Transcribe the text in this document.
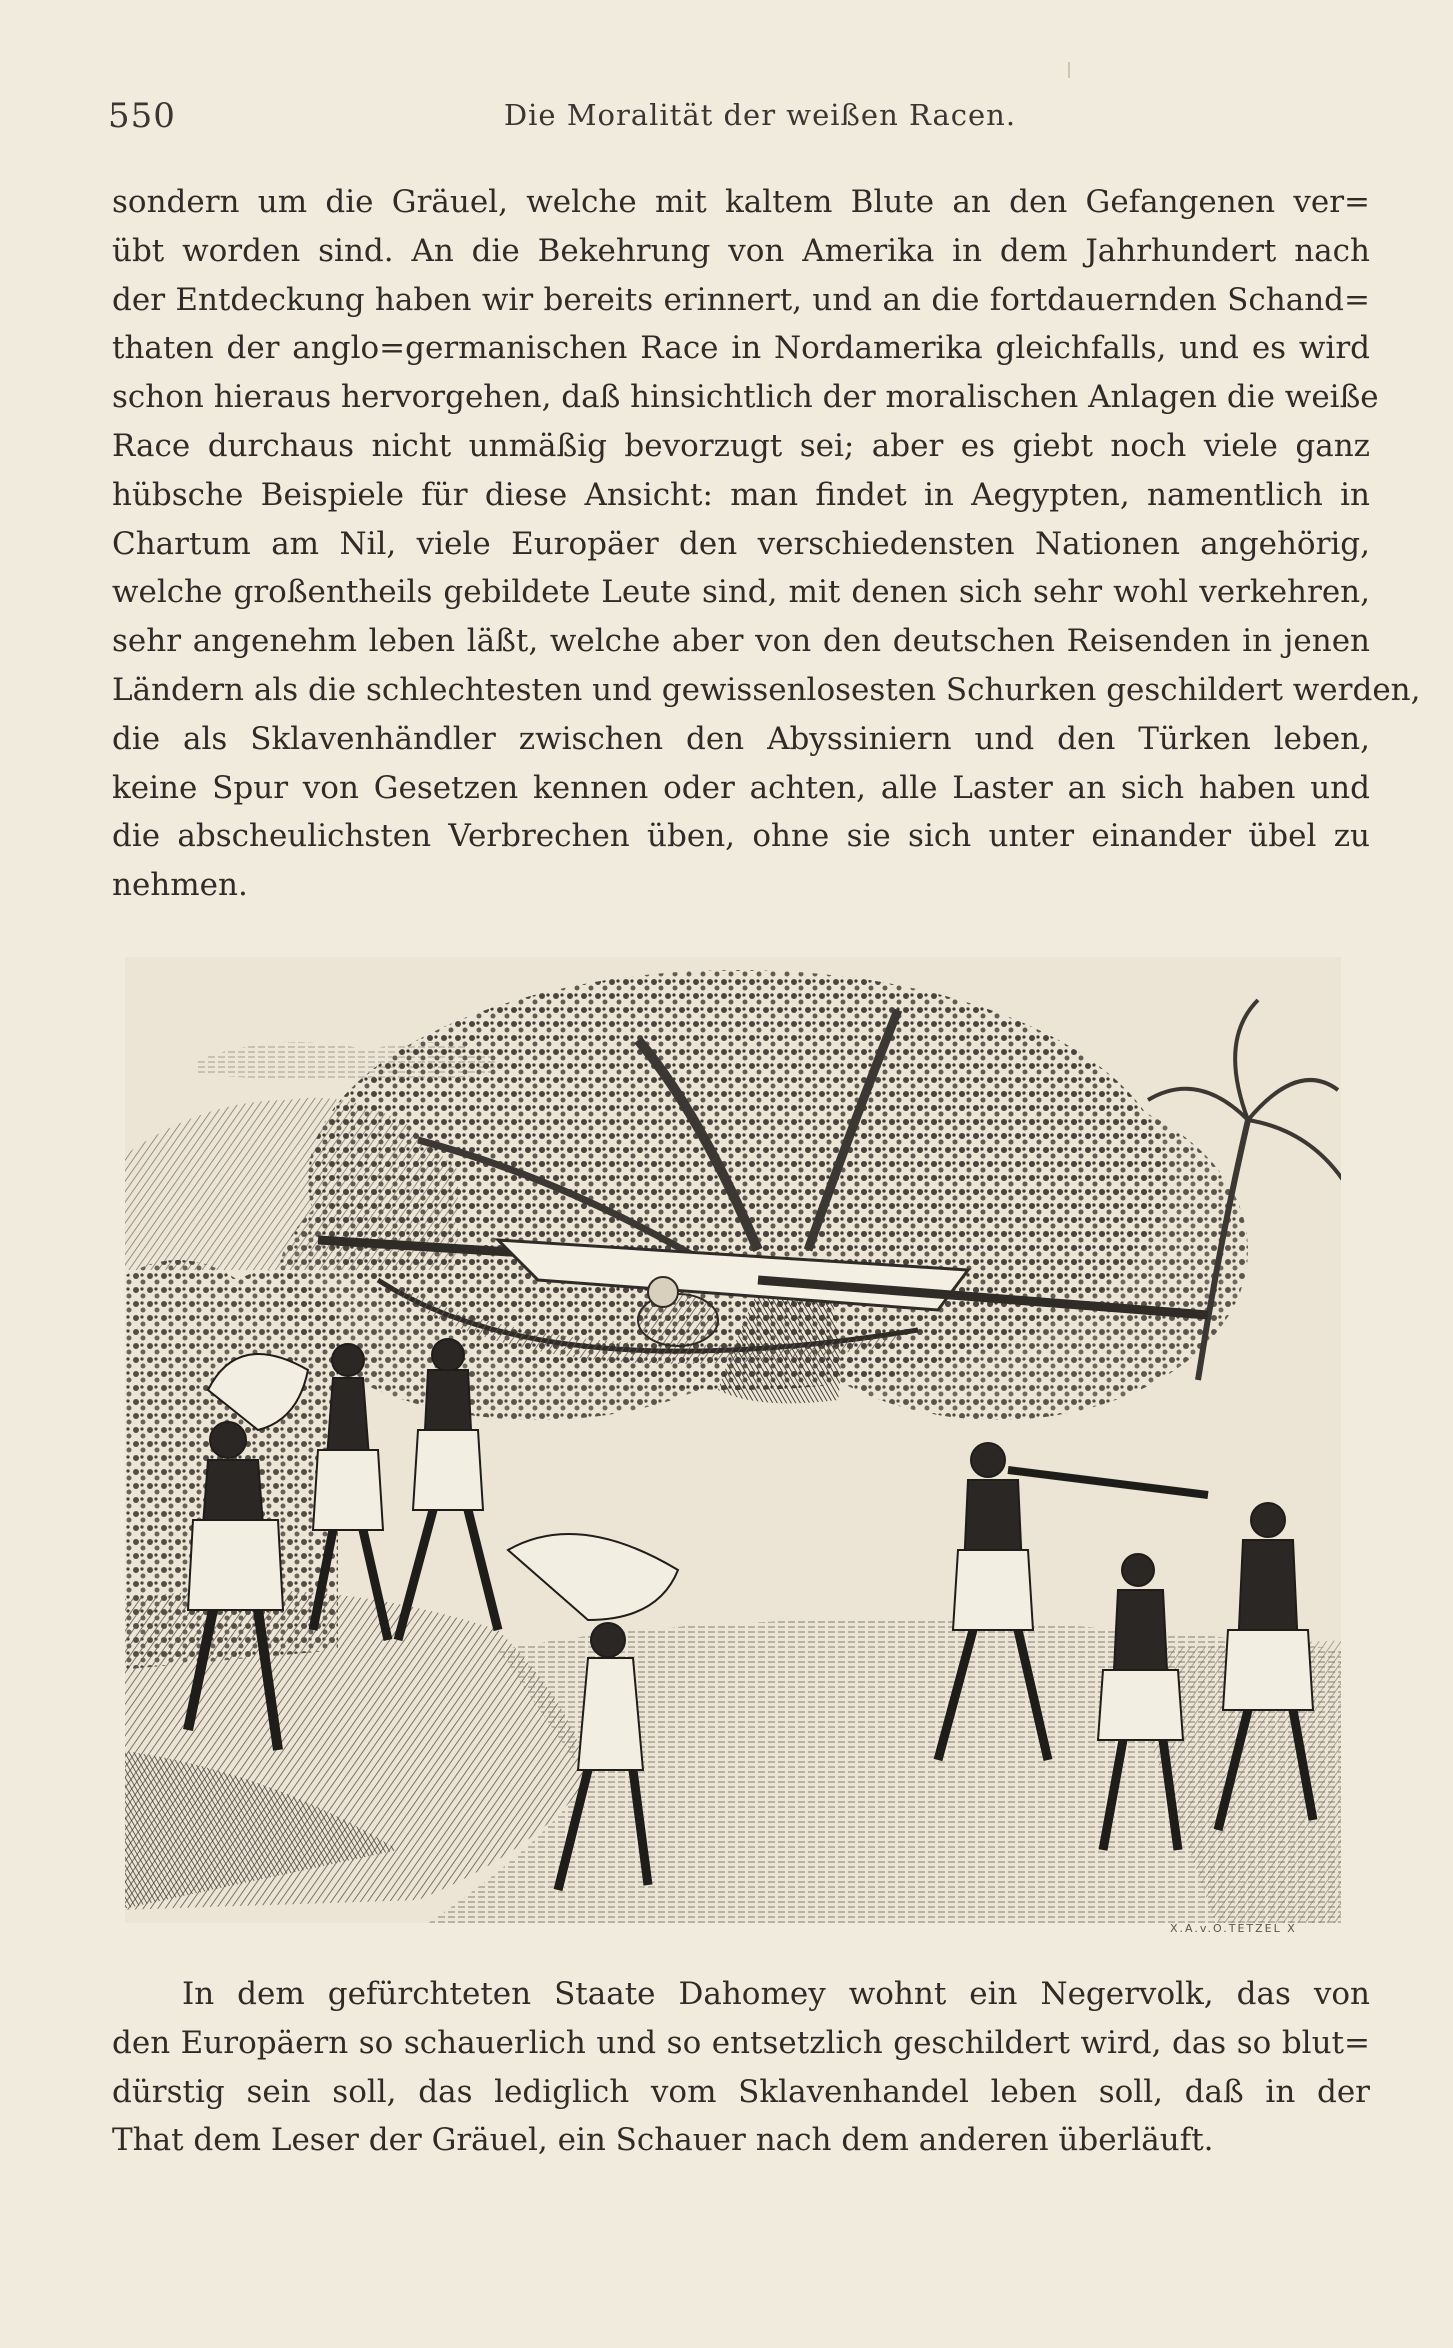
550	Die Moralität der weißen Racen.
sondern um die Gräuel, welche mit kaltem Blute an den Gefangenen ver=
übt worden sind. An die Bekehrung von Amerika in dem Jahrhundert nach
der Entdeckung haben wir bereits erinnert, und an die fortdauernden Schand=
thaten der anglo=germanischen Race in Nordamerika gleichfalls, und es wird
schon hieraus hervorgehen, daß hinsichtlich der moralischen Anlagen die weiße
Race durchaus nicht unmäßig bevorzugt sei; aber es giebt noch viele ganz
hübsche Beispiele für diese Ansicht: man findet in Aegypten, namentlich in
Chartum am Nil, viele Europäer den verschiedensten Nationen angehörig,
welche großentheils gebildete Leute sind, mit denen sich sehr wohl verkehren,
sehr angenehm leben läßt, welche aber von den deutschen Reisenden in jenen
Ländern als die schlechtesten und gewissenlosesten Schurken geschildert werden,
die als Sklavenhändler zwischen den Abyssiniern und den Türken leben,
keine Spur von Gesetzen kennen oder achten, alle Laster an sich haben und
die abscheulichsten Verbrechen üben, ohne sie sich unter einander übel zu
nehmen.
X.A.v.O.TETZEL X
In dem gefürchteten Staate Dahomey wohnt ein Negervolk, das von
den Europäern so schauerlich und so entsetzlich geschildert wird, das so blut=
dürstig sein soll, das lediglich vom Sklavenhandel leben soll, daß in der
That dem Leser der Gräuel, ein Schauer nach dem anderen überläuft.
